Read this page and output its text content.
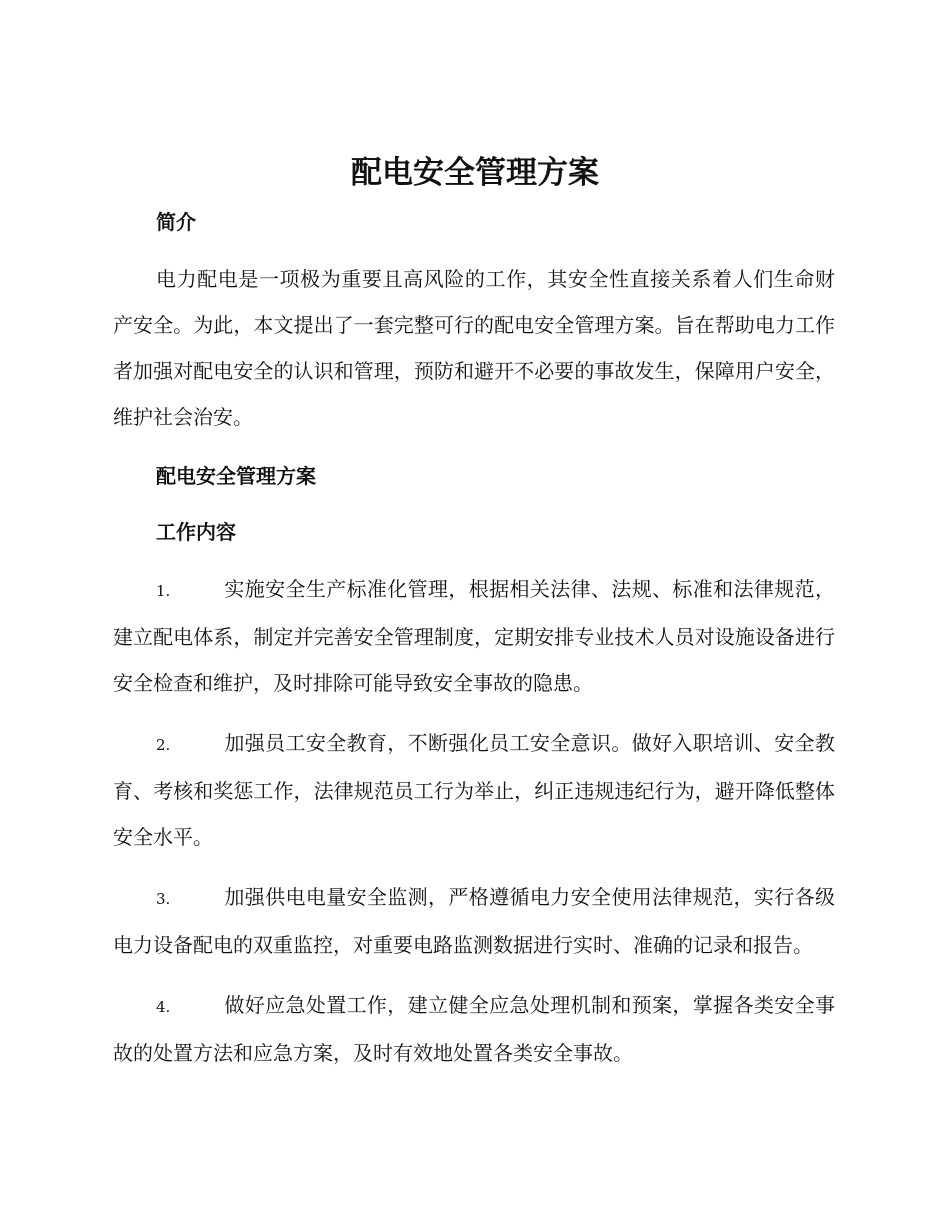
配电安全管理方案

简介

电力配电是一项极为重要且高风险的工作，其安全性直接关系着人们生命财产安全。为此，本文提出了一套完整可行的配电安全管理方案。旨在帮助电力工作者加强对配电安全的认识和管理，预防和避开不必要的事故发生，保障用户安全，维护社会治安。

配电安全管理方案

工作内容

1.	实施安全生产标准化管理，根据相关法律、法规、标准和法律规范，建立配电体系，制定并完善安全管理制度，定期安排专业技术人员对设施设备进行安全检查和维护，及时排除可能导致安全事故的隐患。

2.	加强员工安全教育，不断强化员工安全意识。做好入职培训、安全教育、考核和奖惩工作，法律规范员工行为举止，纠正违规违纪行为，避开降低整体安全水平。

3.	加强供电电量安全监测，严格遵循电力安全使用法律规范，实行各级电力设备配电的双重监控，对重要电路监测数据进行实时、准确的记录和报告。

4.	做好应急处置工作，建立健全应急处理机制和预案，掌握各类安全事故的处置方法和应急方案，及时有效地处置各类安全事故。
